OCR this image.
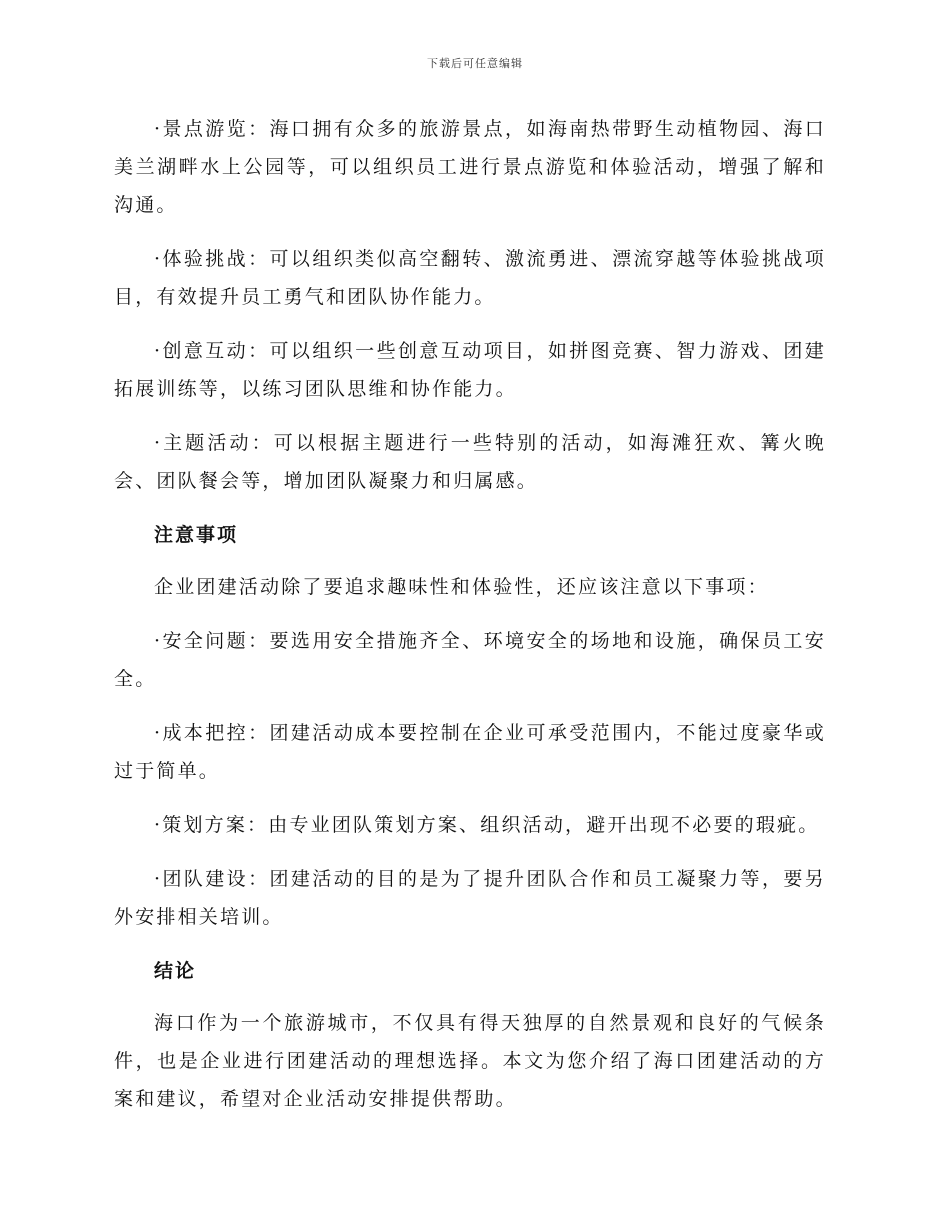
下载后可任意编辑

·景点游览：海口拥有众多的旅游景点，如海南热带野生动植物园、海口美兰湖畔水上公园等，可以组织员工进行景点游览和体验活动，增强了解和沟通。

·体验挑战：可以组织类似高空翻转、激流勇进、漂流穿越等体验挑战项目，有效提升员工勇气和团队协作能力。

·创意互动：可以组织一些创意互动项目，如拼图竞赛、智力游戏、团建拓展训练等，以练习团队思维和协作能力。

·主题活动：可以根据主题进行一些特别的活动，如海滩狂欢、篝火晚会、团队餐会等，增加团队凝聚力和归属感。

注意事项

企业团建活动除了要追求趣味性和体验性，还应该注意以下事项：

·安全问题：要选用安全措施齐全、环境安全的场地和设施，确保员工安全。

·成本把控：团建活动成本要控制在企业可承受范围内，不能过度豪华或过于简单。

·策划方案：由专业团队策划方案、组织活动，避开出现不必要的瑕疵。

·团队建设：团建活动的目的是为了提升团队合作和员工凝聚力等，要另外安排相关培训。

结论

海口作为一个旅游城市，不仅具有得天独厚的自然景观和良好的气候条件，也是企业进行团建活动的理想选择。本文为您介绍了海口团建活动的方案和建议，希望对企业活动安排提供帮助。
